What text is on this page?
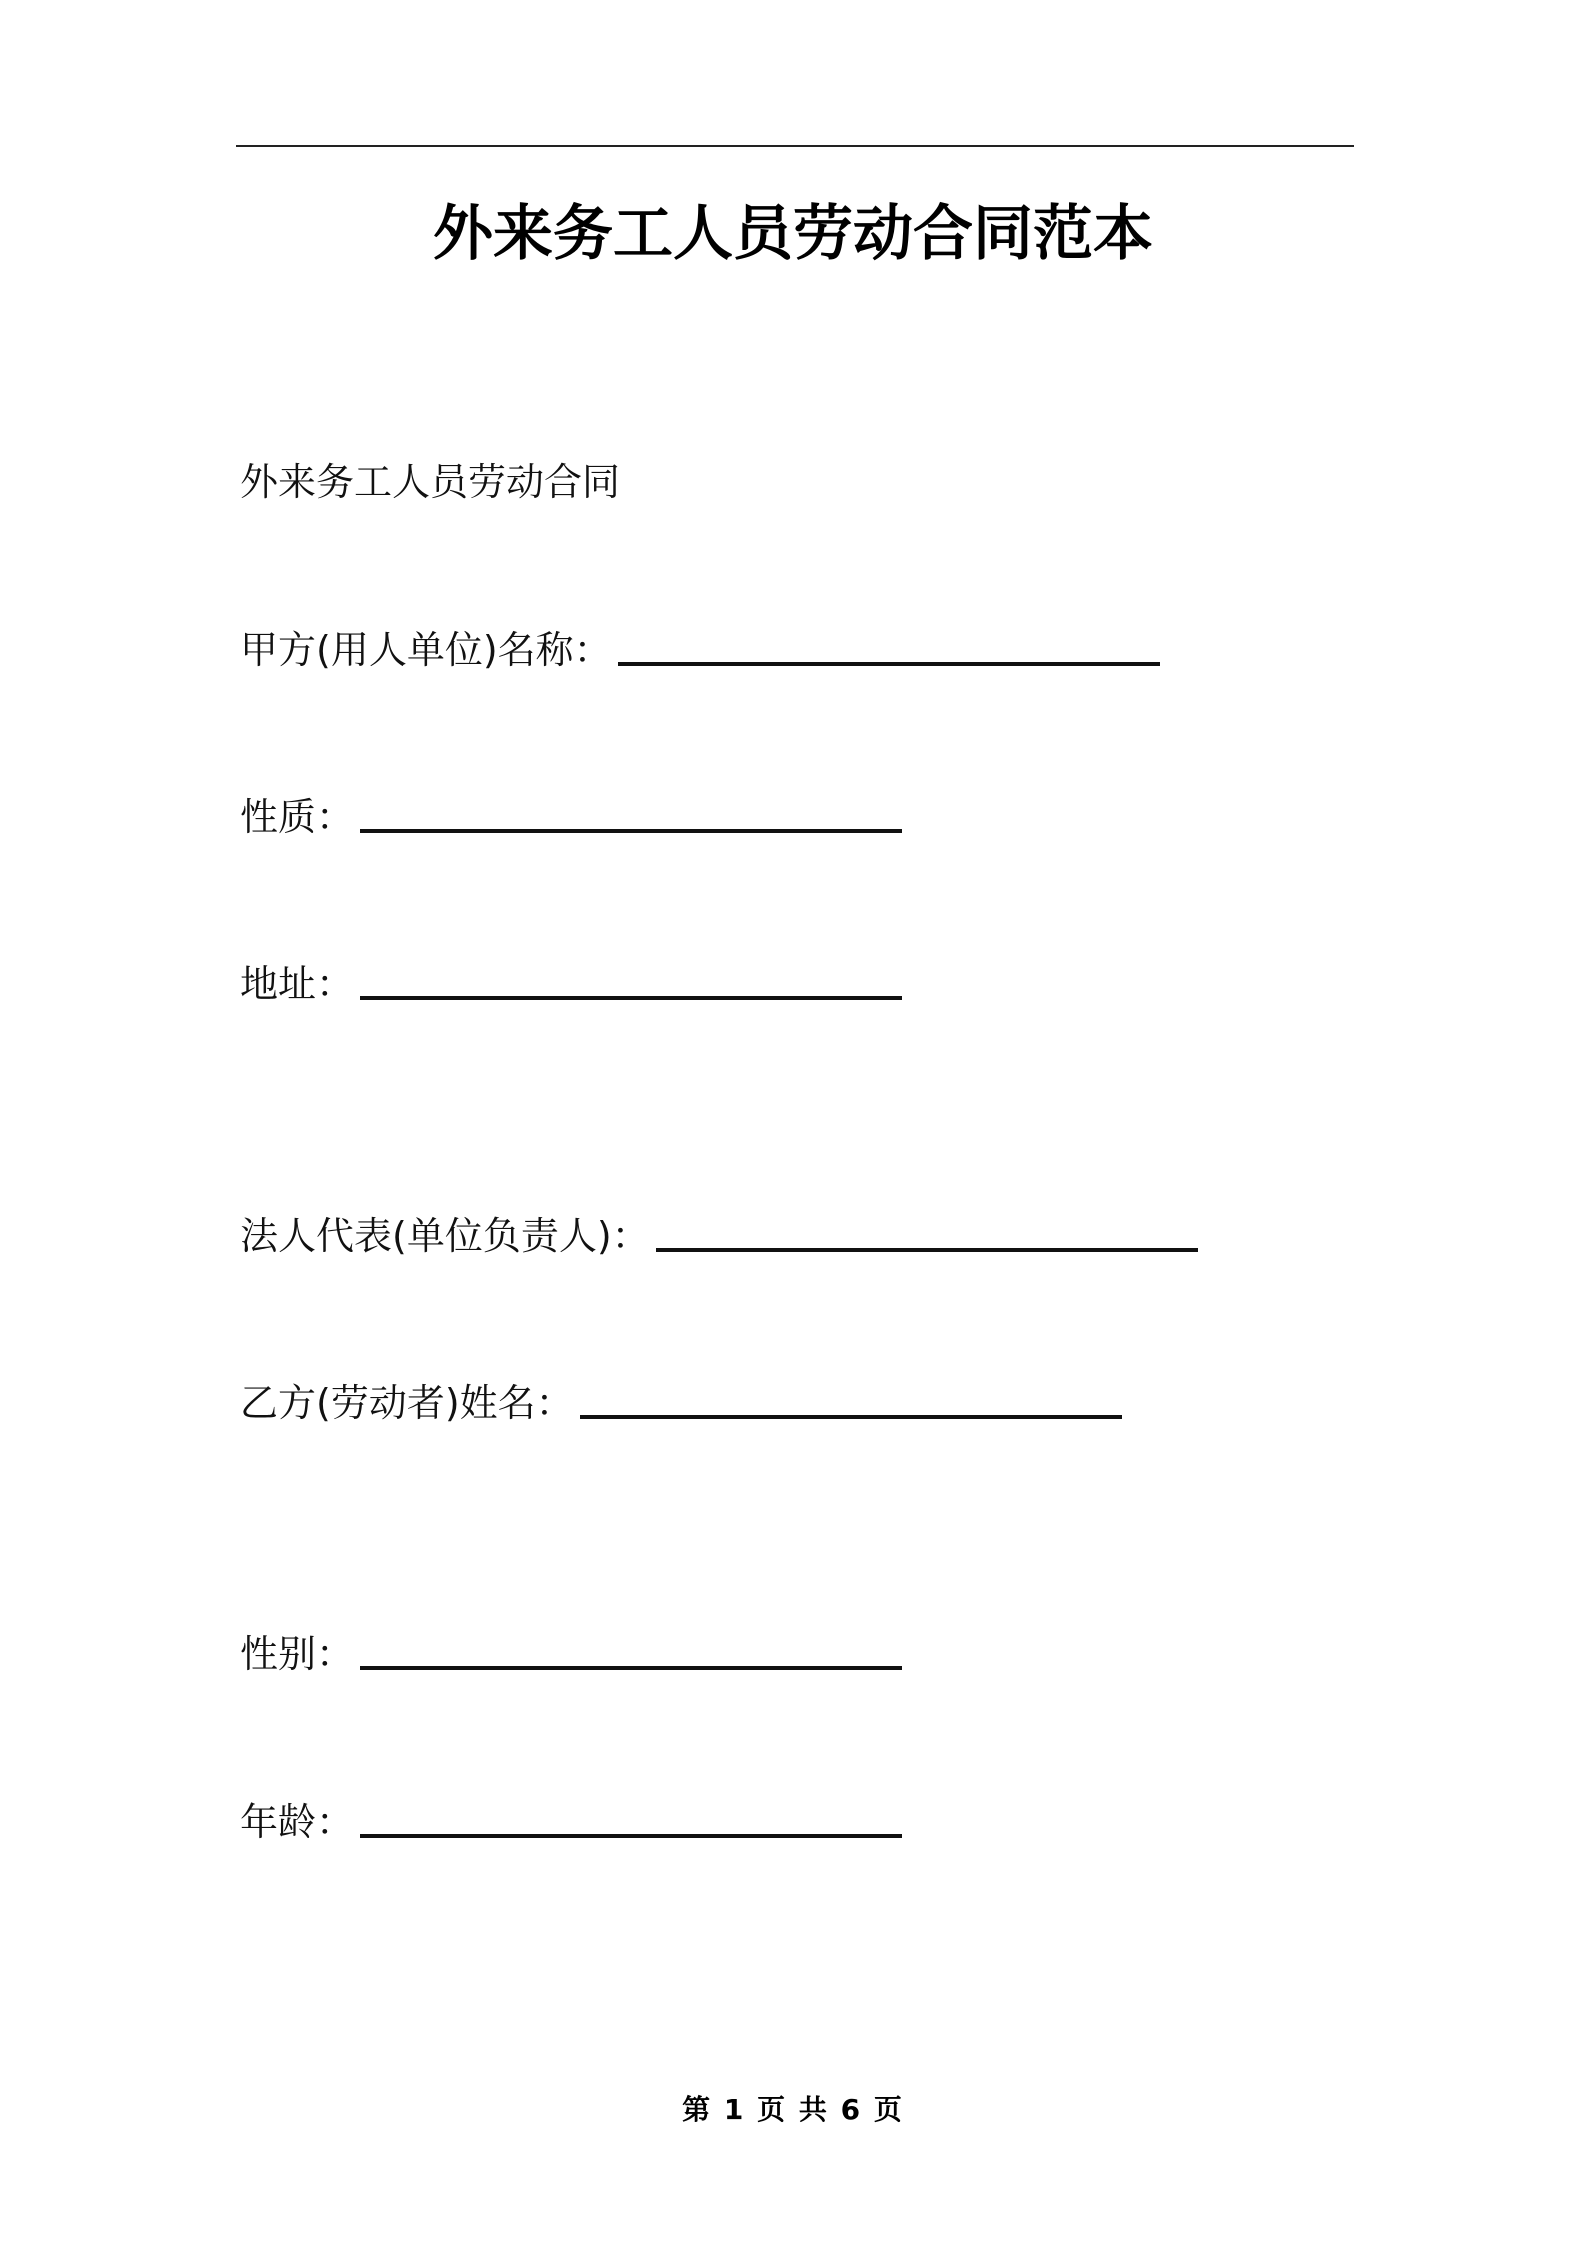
外来务工人员劳动合同范本
外来务工人员劳动合同
甲方(用人单位)名称：
性质：
地址：
法人代表(单位负责人)：
乙方(劳动者)姓名：
性别：
年龄：
第 1 页 共 6 页
